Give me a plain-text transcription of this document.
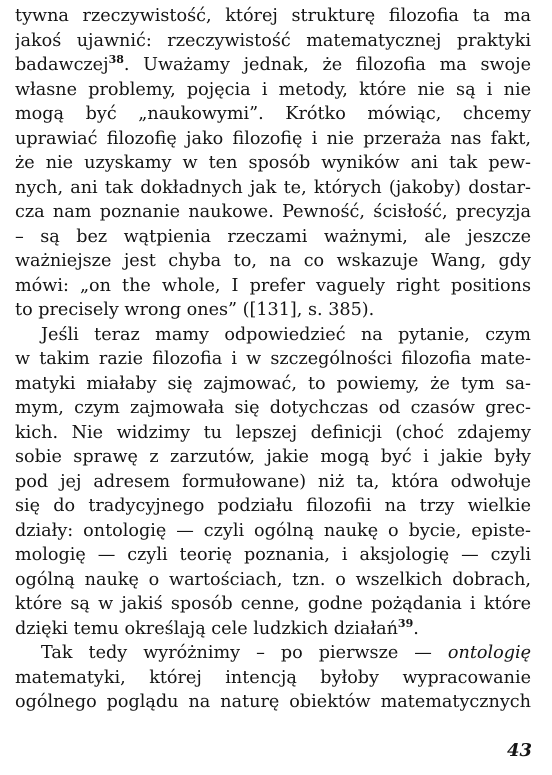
tywna rzeczywistość, której strukturę filozofia ta ma
jakoś ujawnić: rzeczywistość matematycznej praktyki
badawczej$^{38}$. Uważamy jednak, że filozofia ma swoje
własne problemy, pojęcia i metody, które nie są i nie
mogą być „naukowymi”. Krótko mówiąc, chcemy
uprawiać filozofię jako filozofię i nie przeraża nas fakt,
że nie uzyskamy w ten sposób wyników ani tak pew-
nych, ani tak dokładnych jak te, których (jakoby) dostar-
cza nam poznanie naukowe. Pewność, ścisłość, precyzja
– są bez wątpienia rzeczami ważnymi, ale jeszcze
ważniejsze jest chyba to, na co wskazuje Wang, gdy
mówi: „on the whole, I prefer vaguely right positions
to precisely wrong ones” ([131], s. 385).
Jeśli teraz mamy odpowiedzieć na pytanie, czym
w takim razie filozofia i w szczególności filozofia mate-
matyki miałaby się zajmować, to powiemy, że tym sa-
mym, czym zajmowała się dotychczas od czasów grec-
kich. Nie widzimy tu lepszej definicji (choć zdajemy
sobie sprawę z zarzutów, jakie mogą być i jakie były
pod jej adresem formułowane) niż ta, która odwołuje
się do tradycyjnego podziału filozofii na trzy wielkie
działy: ontologię — czyli ogólną naukę o bycie, episte-
mologię — czyli teorię poznania, i aksjologię — czyli
ogólną naukę o wartościach, tzn. o wszelkich dobrach,
które są w jakiś sposób cenne, godne pożądania i które
dzięki temu określają cele ludzkich działań$^{39}$.
Tak tedy wyróżnimy – po pierwsze — ontologię
matematyki, której intencją byłoby wypracowanie
ogólnego poglądu na naturę obiektów matematycznych
43
